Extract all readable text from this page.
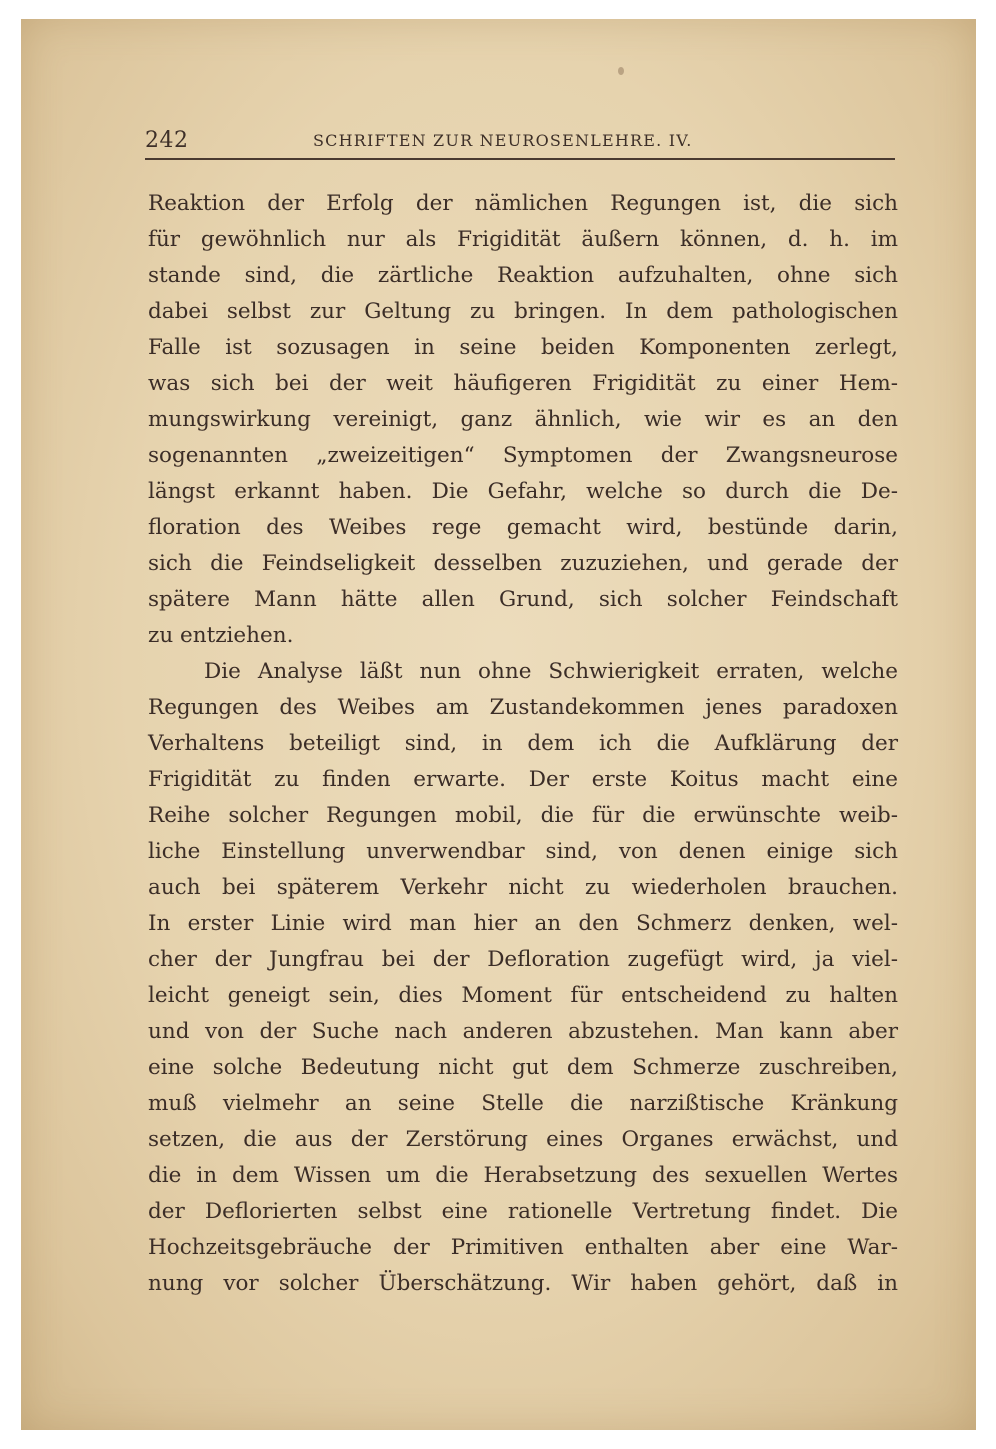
242	SCHRIFTEN ZUR NEUROSENLEHRE. IV.
Reaktion der Erfolg der nämlichen Regungen ist, die sich
für gewöhnlich nur als Frigidität äußern können, d. h. im
stande sind, die zärtliche Reaktion aufzuhalten, ohne sich
dabei selbst zur Geltung zu bringen. In dem pathologischen
Falle ist sozusagen in seine beiden Komponenten zerlegt,
was sich bei der weit häufigeren Frigidität zu einer Hem-
mungswirkung vereinigt, ganz ähnlich, wie wir es an den
sogenannten „zweizeitigen“ Symptomen der Zwangsneurose
längst erkannt haben. Die Gefahr, welche so durch die De-
floration des Weibes rege gemacht wird, bestünde darin,
sich die Feindseligkeit desselben zuzuziehen, und gerade der
spätere Mann hätte allen Grund, sich solcher Feindschaft
zu entziehen.
Die Analyse läßt nun ohne Schwierigkeit erraten, welche
Regungen des Weibes am Zustandekommen jenes paradoxen
Verhaltens beteiligt sind, in dem ich die Aufklärung der
Frigidität zu finden erwarte. Der erste Koitus macht eine
Reihe solcher Regungen mobil, die für die erwünschte weib-
liche Einstellung unverwendbar sind, von denen einige sich
auch bei späterem Verkehr nicht zu wiederholen brauchen.
In erster Linie wird man hier an den Schmerz denken, wel-
cher der Jungfrau bei der Defloration zugefügt wird, ja viel-
leicht geneigt sein, dies Moment für entscheidend zu halten
und von der Suche nach anderen abzustehen. Man kann aber
eine solche Bedeutung nicht gut dem Schmerze zuschreiben,
muß vielmehr an seine Stelle die narzißtische Kränkung
setzen, die aus der Zerstörung eines Organes erwächst, und
die in dem Wissen um die Herabsetzung des sexuellen Wertes
der Deflorierten selbst eine rationelle Vertretung findet. Die
Hochzeitsgebräuche der Primitiven enthalten aber eine War-
nung vor solcher Überschätzung. Wir haben gehört, daß in
